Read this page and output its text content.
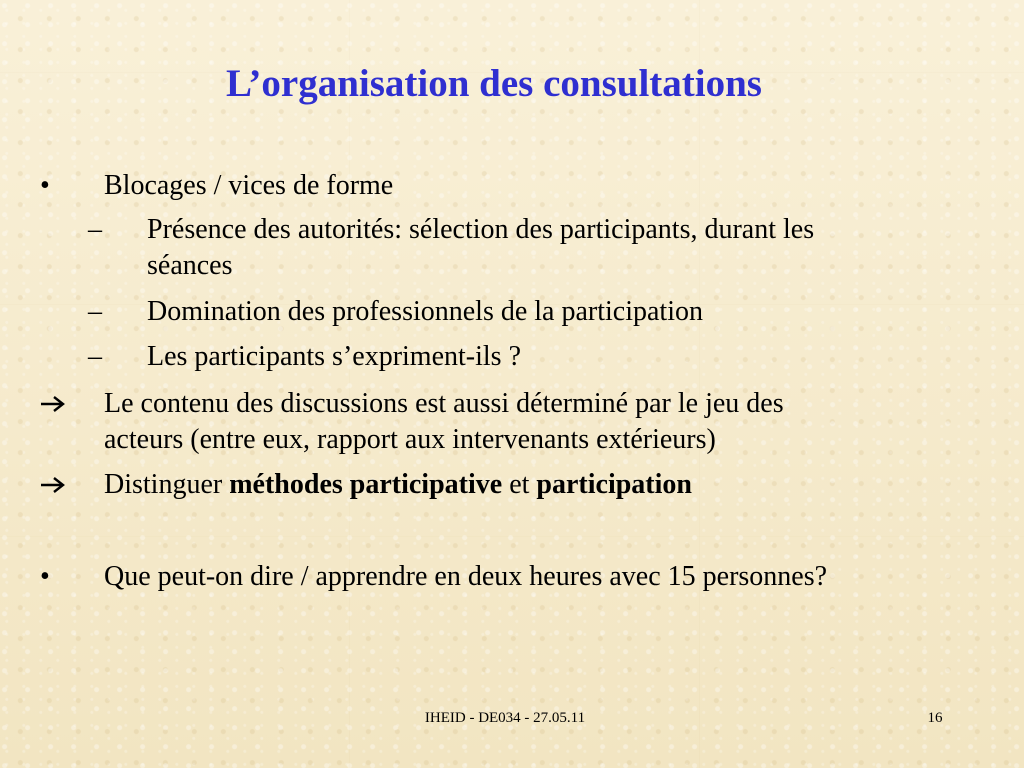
L’organisation des consultations
•	Blocages / vices de forme
–	Présence des autorités: sélection des participants, durant les
séances
–	Domination des professionnels de la participation
–	Les participants s’expriment-ils ?
Le contenu des discussions est aussi déterminé par le jeu des
acteurs (entre eux, rapport aux intervenants extérieurs)
Distinguer méthodes participative et participation
•	Que peut-on dire / apprendre en deux heures avec 15 personnes?
IHEID - DE034 - 27.05.11	16
